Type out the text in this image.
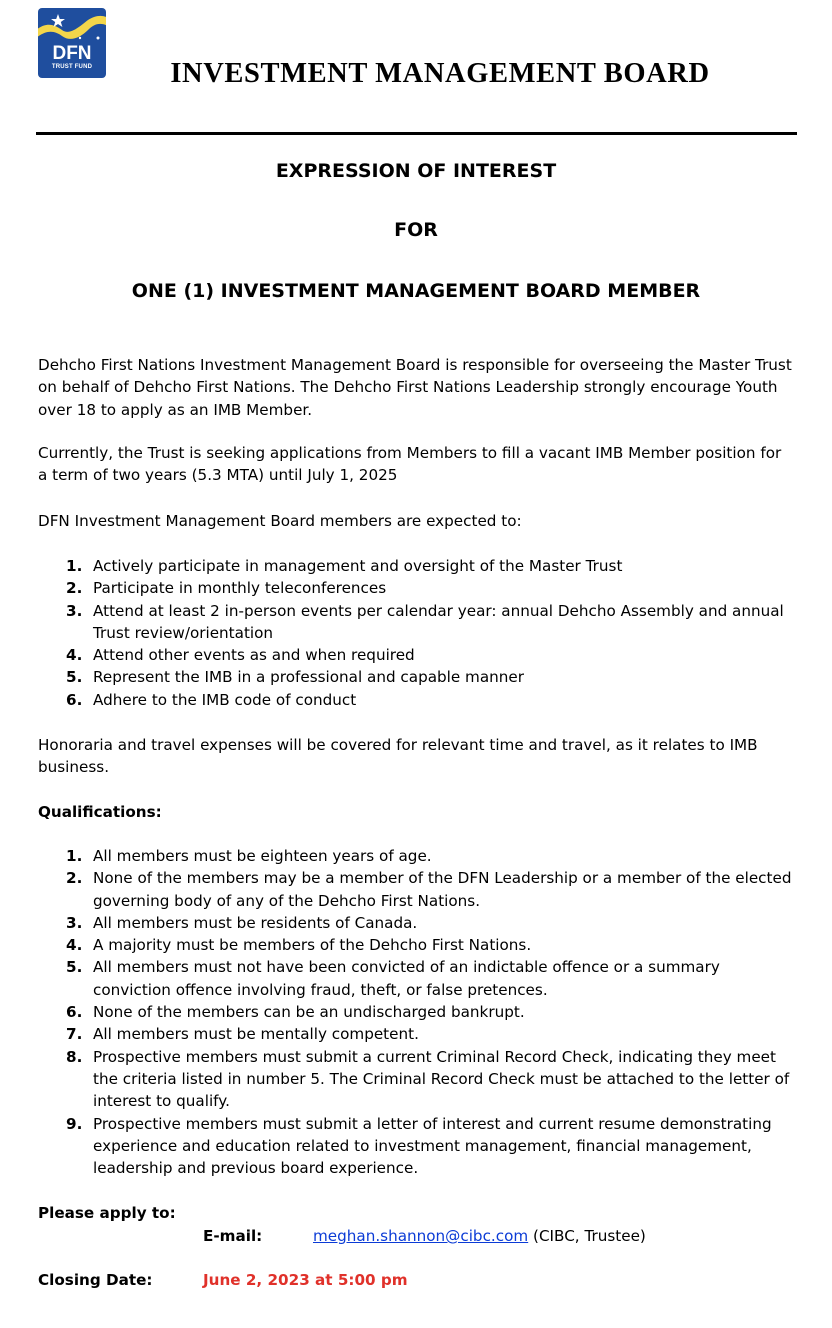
DFN
TRUST FUND	INVESTMENT MANAGEMENT BOARD
EXPRESSION OF INTEREST
FOR
ONE (1) INVESTMENT MANAGEMENT BOARD MEMBER

Dehcho First Nations Investment Management Board is responsible for overseeing the Master Trust on behalf of Dehcho First Nations. The Dehcho First Nations Leadership strongly encourage Youth over 18 to apply as an IMB Member.

Currently, the Trust is seeking applications from Members to fill a vacant IMB Member position for a term of two years (5.3 MTA) until July 1, 2025

DFN Investment Management Board members are expected to:

1. Actively participate in management and oversight of the Master Trust
2. Participate in monthly teleconferences
3. Attend at least 2 in-person events per calendar year: annual Dehcho Assembly and annual Trust review/orientation
4. Attend other events as and when required
5. Represent the IMB in a professional and capable manner
6. Adhere to the IMB code of conduct

Honoraria and travel expenses will be covered for relevant time and travel, as it relates to IMB business.

Qualifications:

1. All members must be eighteen years of age.
2. None of the members may be a member of the DFN Leadership or a member of the elected governing body of any of the Dehcho First Nations.
3. All members must be residents of Canada.
4. A majority must be members of the Dehcho First Nations.
5. All members must not have been convicted of an indictable offence or a summary conviction offence involving fraud, theft, or false pretences.
6. None of the members can be an undischarged bankrupt.
7. All members must be mentally competent.
8. Prospective members must submit a current Criminal Record Check, indicating they meet the criteria listed in number 5. The Criminal Record Check must be attached to the letter of interest to qualify.
9. Prospective members must submit a letter of interest and current resume demonstrating experience and education related to investment management, financial management, leadership and previous board experience.

Please apply to:

E-mail:	meghan.shannon@cibc.com (CIBC, Trustee)

Closing Date:	June 2, 2023 at 5:00 pm
